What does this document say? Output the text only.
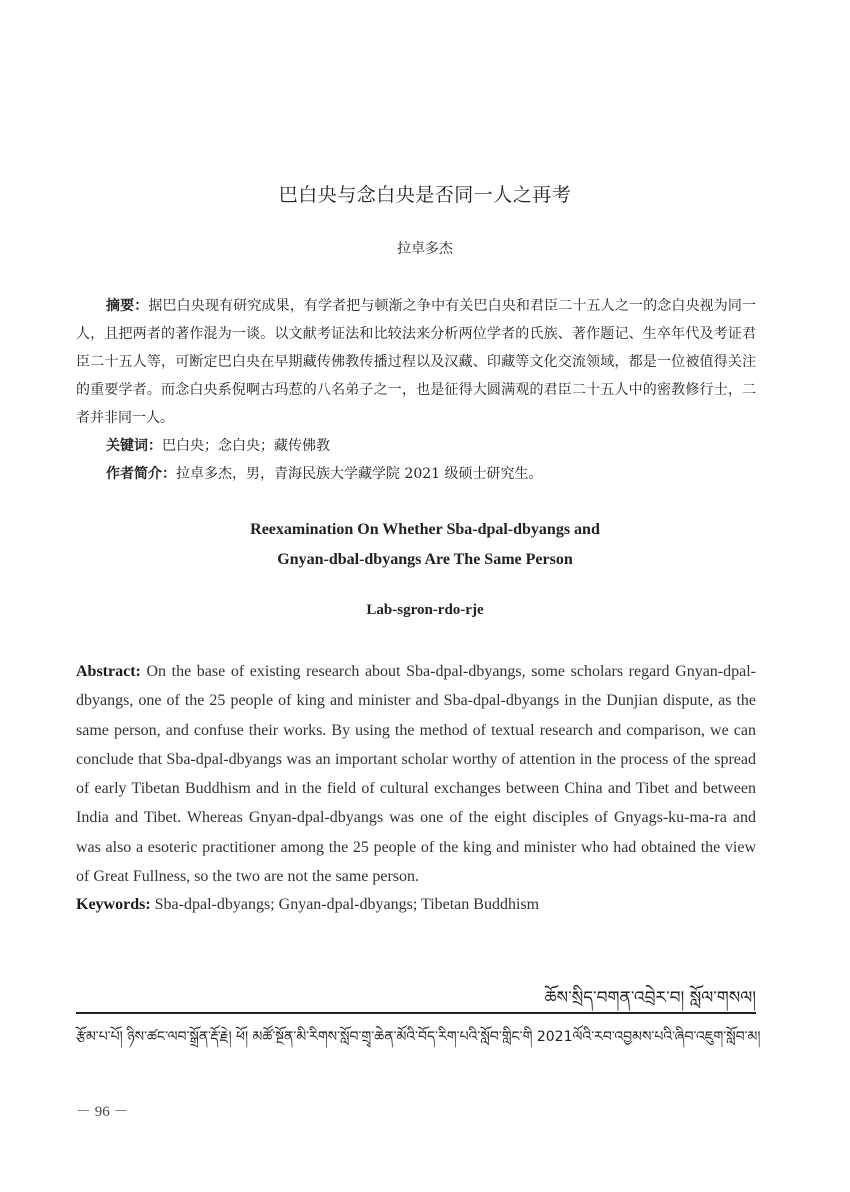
巴白央与念白央是否同一人之再考
拉卓多杰
摘要：据巴白央现有研究成果，有学者把与顿渐之争中有关巴白央和君臣二十五人之一的念白央视为同一人，且把两者的著作混为一谈。以文献考证法和比较法来分析两位学者的氏族、著作题记、生卒年代及考证君臣二十五人等，可断定巴白央在早期藏传佛教传播过程以及汉藏、印藏等文化交流领域，都是一位被值得关注的重要学者。而念白央系倪啊古玛惹的八名弟子之一，也是征得大圆满观的君臣二十五人中的密教修行士，二者并非同一人。
关键词：巴白央；念白央；藏传佛教
作者简介：拉卓多杰，男，青海民族大学藏学院 2021 级硕士研究生。
Reexamination On Whether Sba-dpal-dbyangs and
Gnyan-dbal-dbyangs Are The Same Person
Lab-sgron-rdo-rje
Abstract: On the base of existing research about Sba-dpal-dbyangs, some scholars regard Gnyan-dpal-dbyangs, one of the 25 people of king and minister and Sba-dpal-dbyangs in the Dunjian dispute, as the same person, and confuse their works. By using the method of textual research and comparison, we can conclude that Sba-dpal-dbyangs was an important scholar worthy of attention in the process of the spread of early Tibetan Buddhism and in the field of cultural exchanges between China and Tibet and between India and Tibet. Whereas Gnyan-dpal-dbyangs was one of the eight disciples of Gnyags-ku-ma-ra and was also a esoteric practitioner among the 25 people of the king and minister who had obtained the view of Great Fullness, so the two are not the same person.
Keywords: Sba-dpal-dbyangs; Gnyan-dpal-dbyangs; Tibetan Buddhism
ཆོས་སྲིད་བགན་འབྲེར་བ། སློལ་གསལ།
རྩོམ་པ་པོ། ཉིས་ཚང་ལབ་སྒྲོན་རྡོ་རྗེ། ཕོ། མཚོ་སྔོན་མི་རིགས་སློབ་གྲྭ་ཆེན་མོའི་བོད་རིག་པའི་སློབ་གླིང་གི 2021ལོའི་རབ་འབྱམས་པའི་ཞིབ་འཇུག་སློབ་མ།
－ 96 －
